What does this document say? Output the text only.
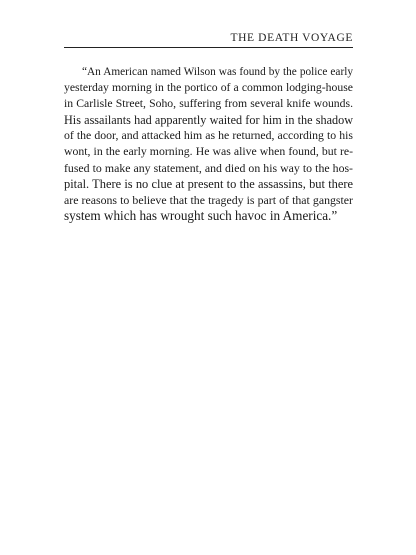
THE DEATH VOYAGE

“An American named Wilson was found by the police early
yesterday morning in the portico of a common lodging-house
in Carlisle Street, Soho, suffering from several knife wounds.
His assailants had apparently waited for him in the shadow
of the door, and attacked him as he returned, according to his
wont, in the early morning. He was alive when found, but re-
fused to make any statement, and died on his way to the hos-
pital. There is no clue at present to the assassins, but there
are reasons to believe that the tragedy is part of that gangster
system which has wrought such havoc in America.”
